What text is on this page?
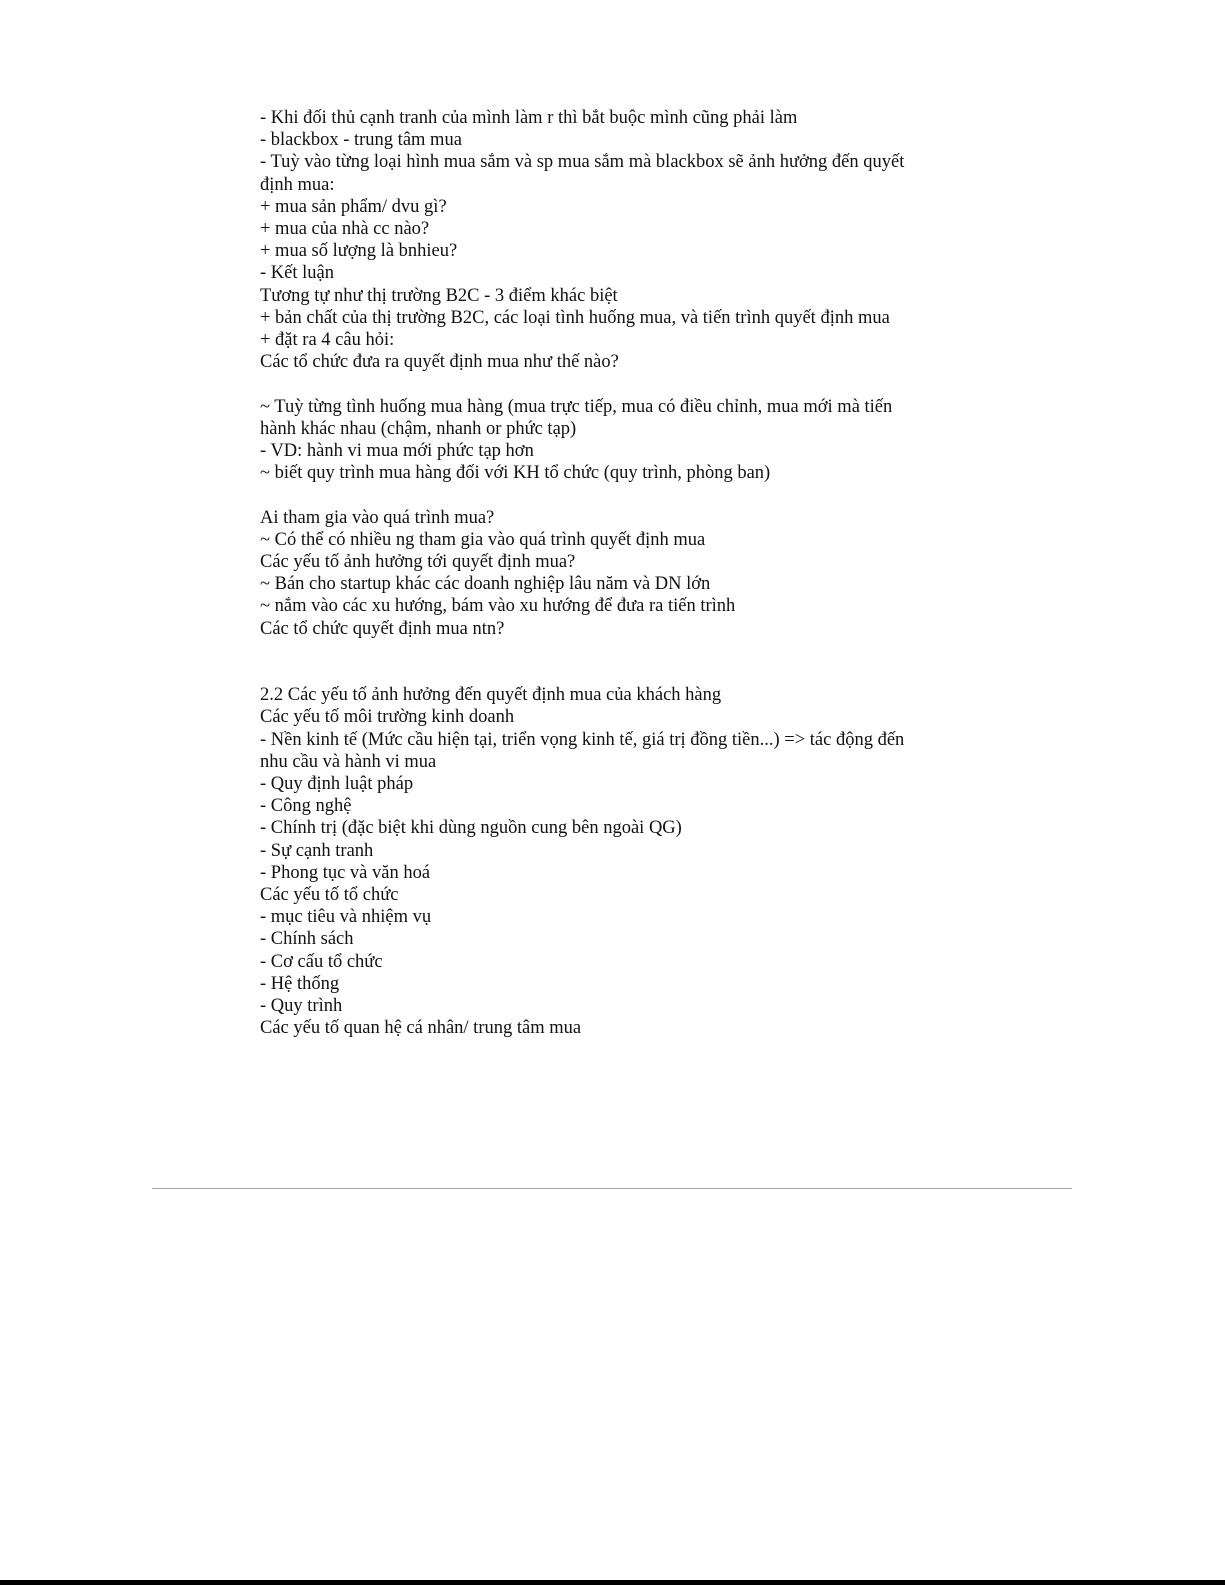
- Khi đối thủ cạnh tranh của mình làm r thì bắt buộc mình cũng phải làm
- blackbox - trung tâm mua
- Tuỳ vào từng loại hình mua sắm và sp mua sắm mà blackbox sẽ ảnh hưởng đến quyết
định mua:
+ mua sản phẩm/ dvu gì?
+ mua của nhà cc nào?
+ mua số lượng là bnhieu?
- Kết luận
Tương tự như thị trường B2C - 3 điểm khác biệt
+ bản chất của thị trường B2C, các loại tình huống mua, và tiến trình quyết định mua
+ đặt ra 4 câu hỏi:
Các tổ chức đưa ra quyết định mua như thế nào?
~ Tuỳ từng tình huống mua hàng (mua trực tiếp, mua có điều chỉnh, mua mới mà tiến
hành khác nhau (chậm, nhanh or phức tạp)
- VD: hành vi mua mới phức tạp hơn
~ biết quy trình mua hàng đối với KH tổ chức (quy trình, phòng ban)
Ai tham gia vào quá trình mua?
~ Có thể có nhiều ng tham gia vào quá trình quyết định mua
Các yếu tố ảnh hưởng tới quyết định mua?
~ Bán cho startup khác các doanh nghiệp lâu năm và DN lớn
~ nắm vào các xu hướng, bám vào xu hướng để đưa ra tiến trình
Các tổ chức quyết định mua ntn?
2.2 Các yếu tố ảnh hưởng đến quyết định mua của khách hàng
Các yếu tố môi trường kinh doanh
- Nền kinh tế (Mức cầu hiện tại, triển vọng kinh tế, giá trị đồng tiền...) => tác động đến
nhu cầu và hành vi mua
- Quy định luật pháp
- Công nghệ
- Chính trị (đặc biệt khi dùng nguồn cung bên ngoài QG)
- Sự cạnh tranh
- Phong tục và văn hoá
Các yếu tố tổ chức
- mục tiêu và nhiệm vụ
- Chính sách
- Cơ cấu tổ chức
- Hệ thống
- Quy trình
Các yếu tố quan hệ cá nhân/ trung tâm mua
